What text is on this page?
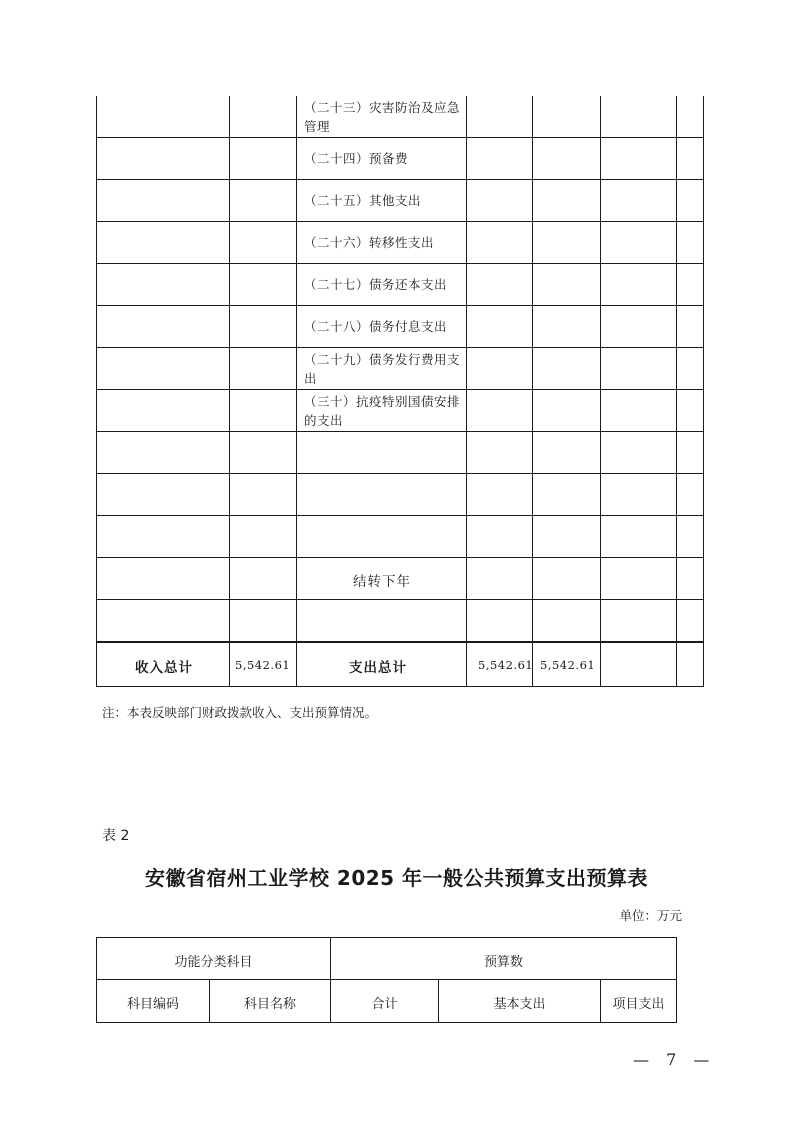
（二十三）灾害防治及应急管理
（二十四）预备费
（二十五）其他支出
（二十六）转移性支出
（二十七）债务还本支出
（二十八）债务付息支出
（二十九）债务发行费用支出
（三十）抗疫特别国债安排的支出
结转下年
收入总计	5,542.61	支出总计	5,542.61 5,542.61
注：本表反映部门财政拨款收入、支出预算情况。
表 2
安徽省宿州工业学校 2025 年一般公共预算支出预算表
单位：万元
功能分类科目	预算数
科目编码	科目名称	合计	基本支出	项目支出
— 7 —
